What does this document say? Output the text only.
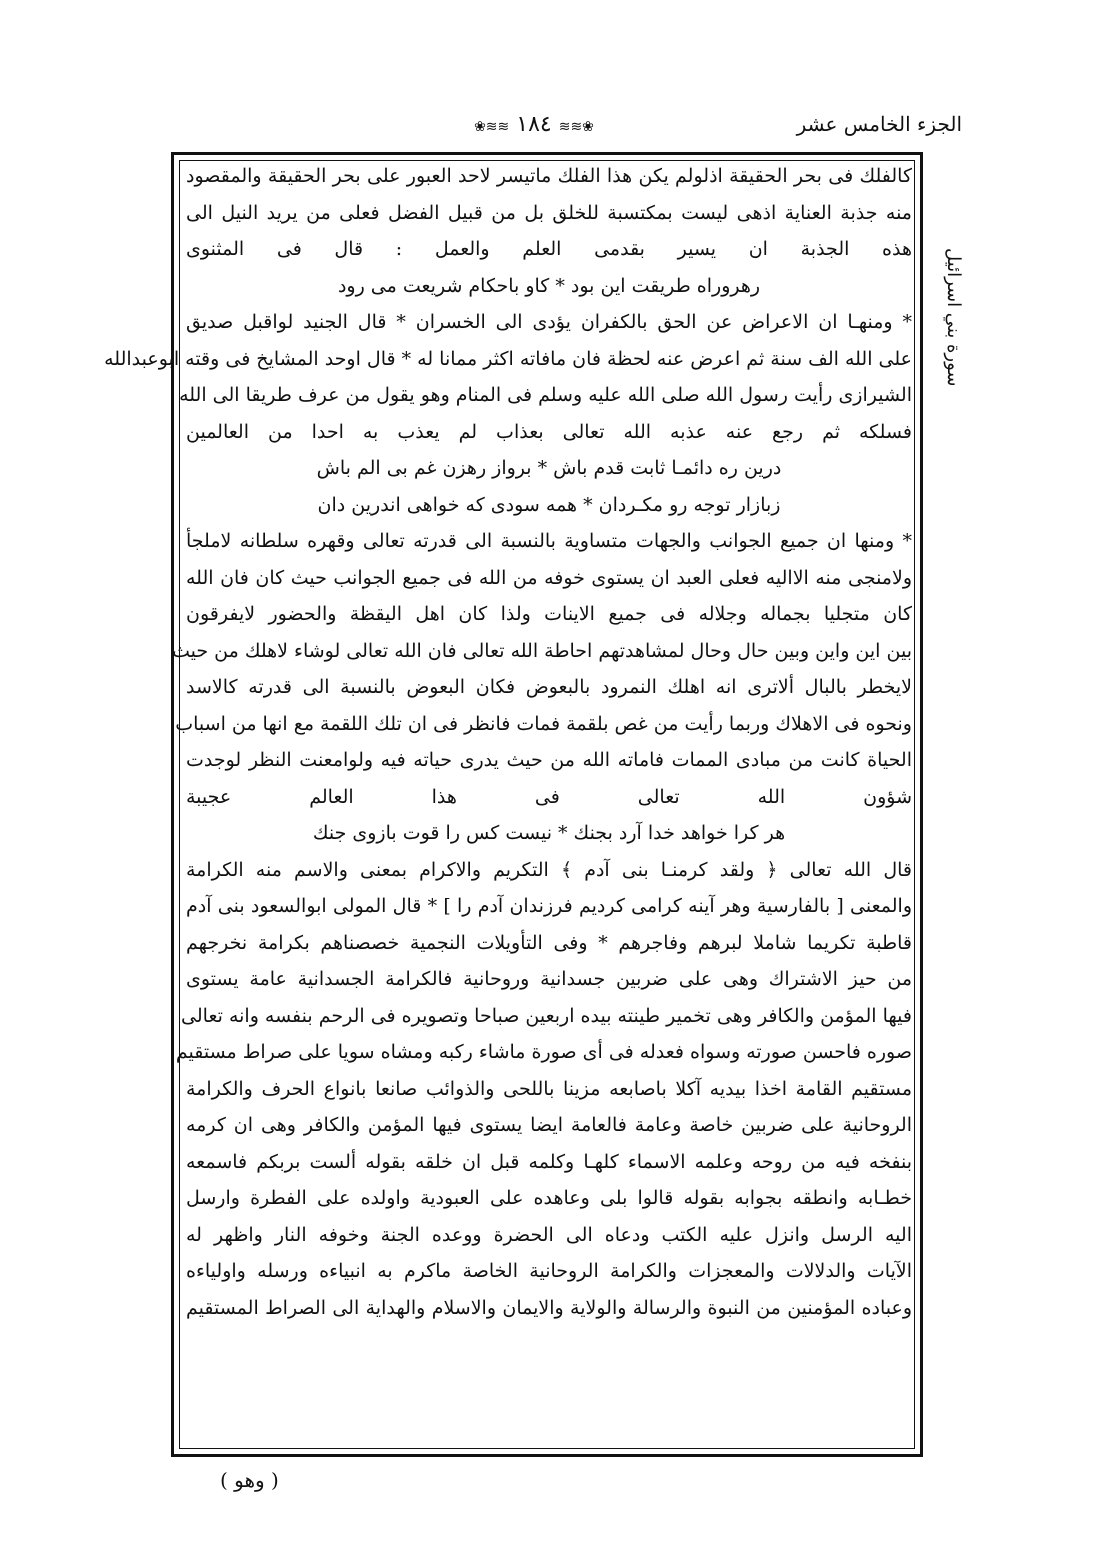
الجزء الخامس عشر
❀≋≋ ١٨٤ ≋≋❀
سورة بني اسرائيل
كالفلك فى بحر الحقيقة اذلولم يكن هذا الفلك ماتيسر لاحد العبور على بحر الحقيقة والمقصود
منه جذبة العناية اذهى ليست بمكتسبة للخلق بل من قبيل الفضل فعلى من يريد النيل الى
هذه الجذبة ان يسير بقدمى العلم والعمل : قال فى المثنوى
رهروراه طريقت اين بود * كاو باحكام شريعت مى رود
* ومنهـا ان الاعراض عن الحق بالكفران يؤدى الى الخسران * قال الجنيد لواقبل صديق
على الله الف سنة ثم اعرض عنه لحظة فان مافاته اكثر ممانا له * قال اوحد المشايخ فى وقته ابوعبدالله
الشيرازى رأيت رسول الله صلى الله عليه وسلم فى المنام وهو يقول من عرف طريقا الى الله
فسلكه ثم رجع عنه عذبه الله تعالى بعذاب لم يعذب به احدا من العالمين
درين ره دائمـا ثابت قدم باش * برواز رهزن غم بى الم باش
زبازار توجه رو مكـردان * همه سودى كه خواهى اندرين دان
* ومنها ان جميع الجوانب والجهات متساوية بالنسبة الى قدرته تعالى وقهره سلطانه لاملجأ
ولامنجى منه الااليه فعلى العبد ان يستوى خوفه من الله فى جميع الجوانب حيث كان فان الله
كان متجليا بجماله وجلاله فى جميع الاينات ولذا كان اهل اليقظة والحضور لايفرقون
بين اين واين وبين حال وحال لمشاهدتهم احاطة الله تعالى فان الله تعالى لوشاء لاهلك من حيث
لايخطر بالبال ألاترى انه اهلك النمرود بالبعوض فكان البعوض بالنسبة الى قدرته كالاسد
ونحوه فى الاهلاك وربما رأيت من غص بلقمة فمات فانظر فى ان تلك اللقمة مع انها من اسباب
الحياة كانت من مبادى الممات فاماته الله من حيث يدرى حياته فيه ولوامعنت النظر لوجدت
شؤون الله تعالى فى هذا العالم عجيبة
هر كرا خواهد خدا آرد بجنك * نيست كس را قوت بازوى جنك
قال الله تعالى ﴿ ولقد كرمنـا بنى آدم ﴾ التكريم والاكرام بمعنى والاسم منه الكرامة
والمعنى [ بالفارسية وهر آينه كرامى كرديم فرزندان آدم را ] * قال المولى ابوالسعود بنى آدم
قاطبة تكريما شاملا لبرهم وفاجرهم * وفى التأويلات النجمية خصصناهم بكرامة نخرجهم
من حيز الاشتراك وهى على ضربين جسدانية وروحانية فالكرامة الجسدانية عامة يستوى
فيها المؤمن والكافر وهى تخمير طينته بيده اربعين صباحا وتصويره فى الرحم بنفسه وانه تعالى
صوره فاحسن صورته وسواه فعدله فى أى صورة ماشاء ركبه ومشاه سويا على صراط مستقيم
مستقيم القامة اخذا بيديه آكلا باصابعه مزينا باللحى والذوائب صانعا بانواع الحرف والكرامة
الروحانية على ضربين خاصة وعامة فالعامة ايضا يستوى فيها المؤمن والكافر وهى ان كرمه
بنفخه فيه من روحه وعلمه الاسماء كلهـا وكلمه قبل ان خلقه بقوله ألست بربكم فاسمعه
خطـابه وانطقه بجوابه بقوله قالوا بلى وعاهده على العبودية واولده على الفطرة وارسل
اليه الرسل وانزل عليه الكتب ودعاه الى الحضرة ووعده الجنة وخوفه النار واظهر له
الآيات والدلالات والمعجزات والكرامة الروحانية الخاصة ماكرم به انبياءه ورسله واولياءه
وعباده المؤمنين من النبوة والرسالة والولاية والايمان والاسلام والهداية الى الصراط المستقيم
( وهو )
